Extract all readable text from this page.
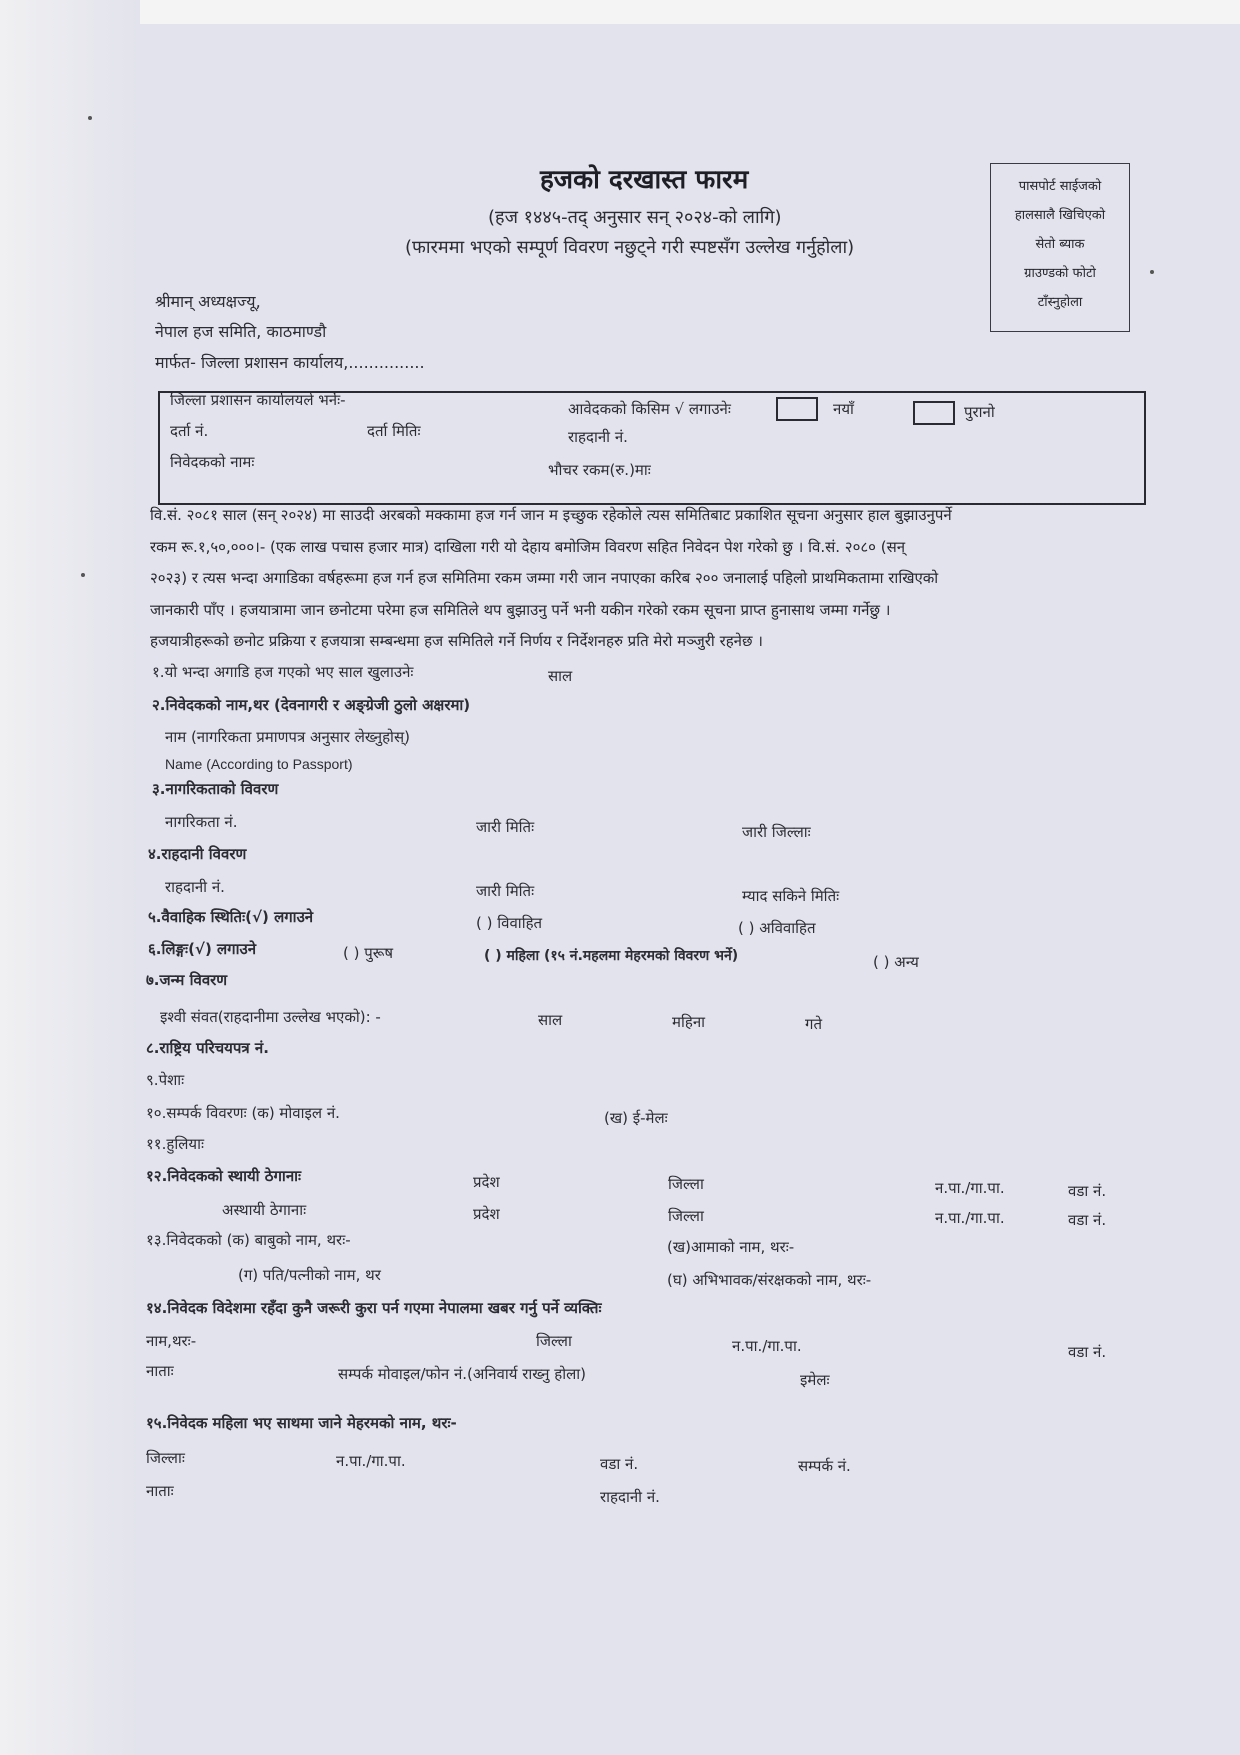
हजको दरखास्त फारम
(हज १४४५-तद् अनुसार सन् २०२४-को लागि)
(फारममा भएको सम्पूर्ण विवरण नछुट्ने गरी स्पष्टसँग उल्लेख गर्नुहोला)
पासपोर्ट साईजको
हालसालै खिचिएको
सेतो ब्याक
ग्राउण्डको फोटो
टाँस्नुहोला
श्रीमान् अध्यक्षज्यू,
नेपाल हज समिति, काठमाण्डौ
मार्फत- जिल्ला प्रशासन कार्यालय,...............
जिल्ला प्रशासन कार्यालयले भर्नेः-
दर्ता नं.	दर्ता मितिः
निवेदकको नामः
आवेदकको किसिम √ लगाउनेः	नयाँ	पुरानो
राहदानी नं.
भौचर रकम(रु.)माः
वि.सं. २०८१ साल (सन् २०२४) मा साउदी अरबको मक्कामा हज गर्न जान म इच्छुक रहेकोले त्यस समितिबाट प्रकाशित सूचना अनुसार हाल बुझाउनुपर्ने
रकम रू.१,५०,०००।- (एक लाख पचास हजार मात्र) दाखिला गरी यो देहाय बमोजिम विवरण सहित निवेदन पेश गरेको छु । वि.सं. २०८० (सन्
२०२३) र त्यस भन्दा अगाडिका वर्षहरूमा हज गर्न हज समितिमा रकम जम्मा गरी जान नपाएका करिब २०० जनालाई पहिलो प्राथमिकतामा राखिएको
जानकारी पाँए । हजयात्रामा जान छनोटमा परेमा हज समितिले थप बुझाउनु पर्ने भनी यकीन गरेको रकम सूचना प्राप्त हुनासाथ जम्मा गर्नेछु ।
हजयात्रीहरूको छनोट प्रक्रिया र हजयात्रा सम्बन्धमा हज समितिले गर्ने निर्णय र निर्देशनहरु प्रति मेरो मञ्जुरी रहनेछ ।
१.यो भन्दा अगाडि हज गएको भए साल खुलाउनेः	साल
२.निवेदकको नाम,थर (देवनागरी र अङ्ग्रेजी ठुलो अक्षरमा)
नाम (नागरिकता प्रमाणपत्र अनुसार लेख्नुहोस्)
Name (According to Passport)
३.नागरिकताको विवरण
नागरिकता नं.	जारी मितिः	जारी जिल्लाः
४.राहदानी विवरण
राहदानी नं.	जारी मितिः	म्याद सकिने मितिः
५.वैवाहिक स्थितिः(√) लगाउने	( ) विवाहित	( ) अविवाहित
६.लिङ्गः(√) लगाउने	( ) पुरूष	( ) महिला (१५ नं.महलमा मेहरमको विवरण भर्ने)	( ) अन्य
७.जन्म विवरण
इश्वी संवत(राहदानीमा उल्लेख भएको): -	साल	महिना	गते
८.राष्ट्रिय परिचयपत्र नं.
९.पेशाः
१०.सम्पर्क विवरणः (क) मोवाइल नं.	(ख) ई-मेलः
११.हुलियाः
१२.निवेदकको स्थायी ठेगानाः	प्रदेश	जिल्ला	न.पा./गा.पा.	वडा नं.
अस्थायी ठेगानाः	प्रदेश	जिल्ला	न.पा./गा.पा.	वडा नं.
१३.निवेदकको (क) बाबुको नाम, थरः-	(ख)आमाको नाम, थरः-
(ग) पति/पत्नीको नाम, थर	(घ) अभिभावक/संरक्षकको नाम, थरः-
१४.निवेदक विदेशमा रहँदा कुनै जरूरी कुरा पर्न गएमा नेपालमा खबर गर्नु पर्ने व्यक्तिः
नाम,थरः-	जिल्ला	न.पा./गा.पा.	वडा नं.
नाताः	सम्पर्क मोवाइल/फोन नं.(अनिवार्य राख्नु होला)	इमेलः
१५.निवेदक महिला भए साथमा जाने मेहरमको नाम, थरः-
जिल्लाः	न.पा./गा.पा.	वडा नं.	सम्पर्क नं.
नाताः	राहदानी नं.
